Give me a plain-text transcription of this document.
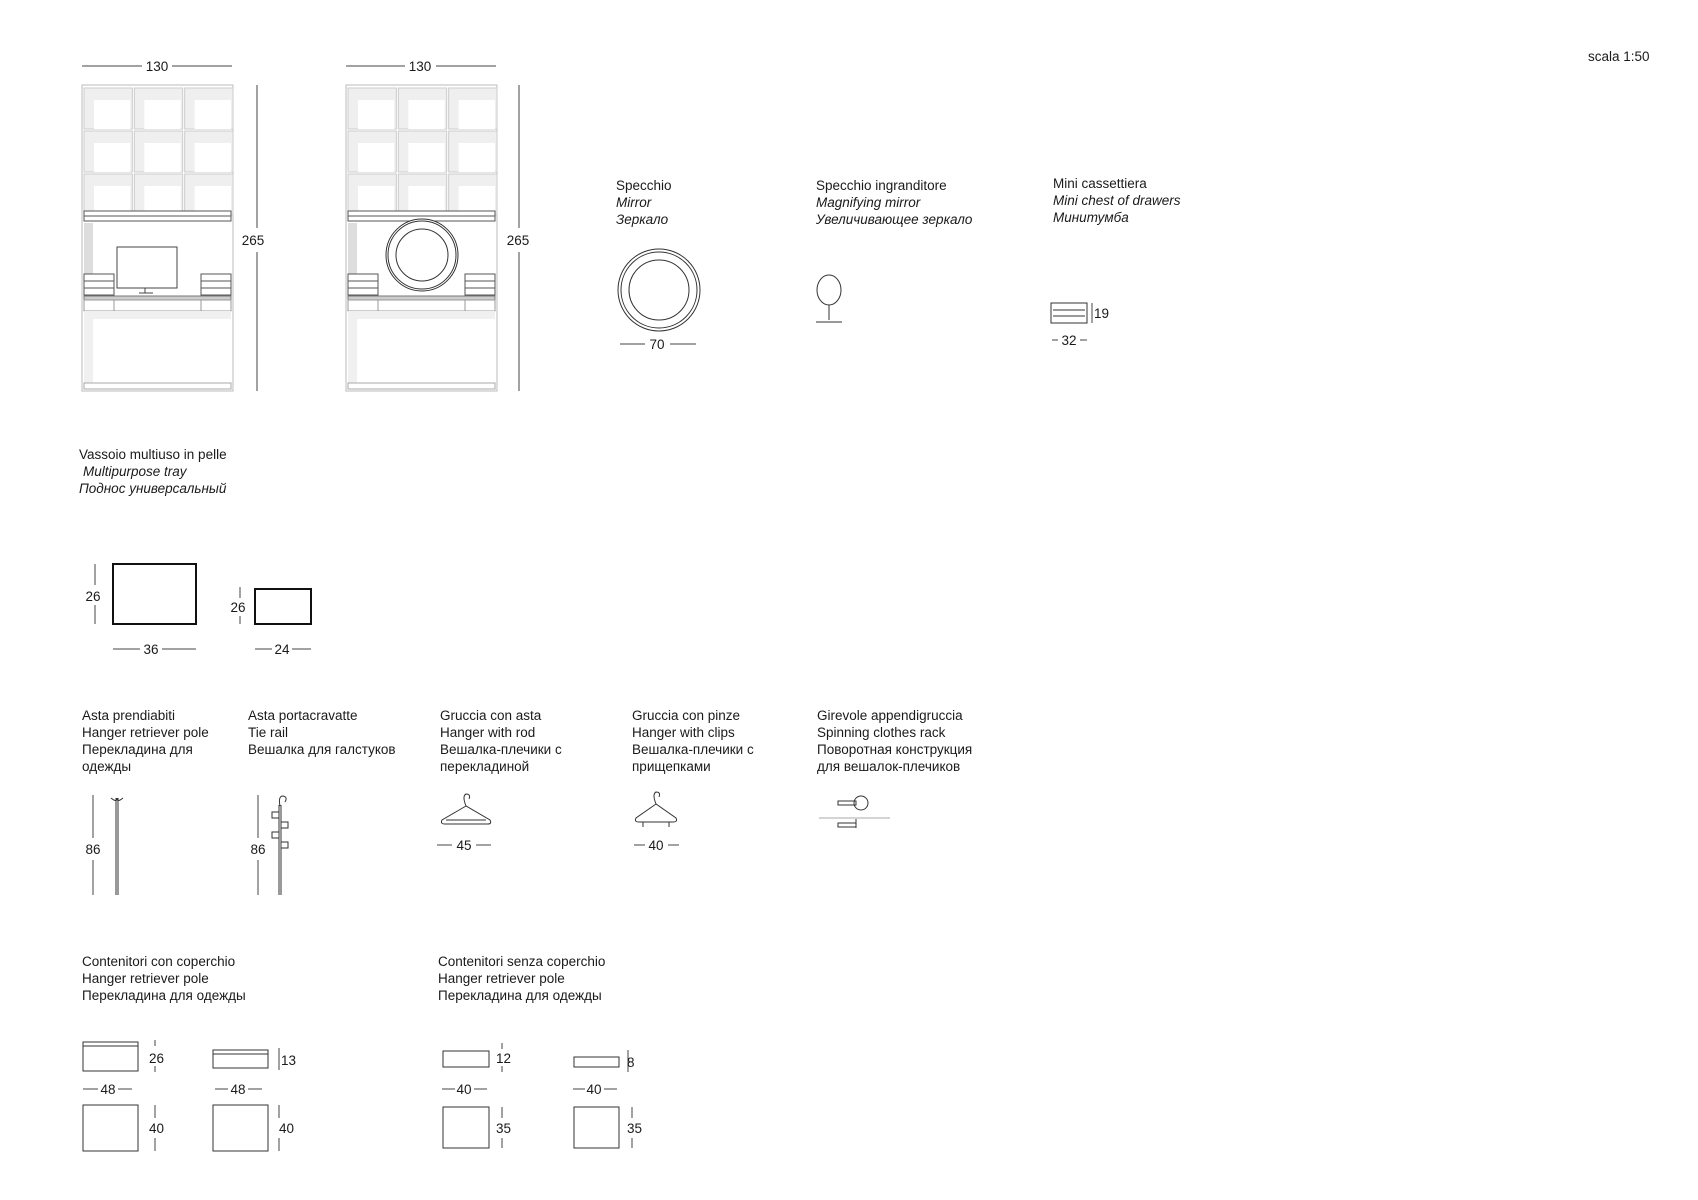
scala 1:50
Specchio
Mirror
Зеркало
Specchio ingranditore
Magnifying mirror
Увеличивающее зеркало
Mini cassettiera
Mini chest of drawers
Минитумба
Vassoio multiuso in pelle
Multipurpose tray
Поднос универсальный
Asta prendiabiti
Hanger retriever pole
Перекладина для
одежды
Asta portacravatte
Tie rail
Вешалка для галстуков
Gruccia con asta
Hanger with rod
Вешалка-плечики с
перекладиной
Gruccia con pinze
Hanger with clips
Вешалка-плечики с
прищепками
Girevole appendigruccia
Spinning clothes rack
Поворотная конструкция
для вешалок-плечиков
Contenitori con coperchio
Hanger retriever pole
Перекладина для одежды
Contenitori senza coperchio
Hanger retriever pole
Перекладина для одежды
130
265
130
265
70
19
32
26
36
26
24
86	86	45	40
26
48
40
13
48
40
12
40
35
8
40
35
